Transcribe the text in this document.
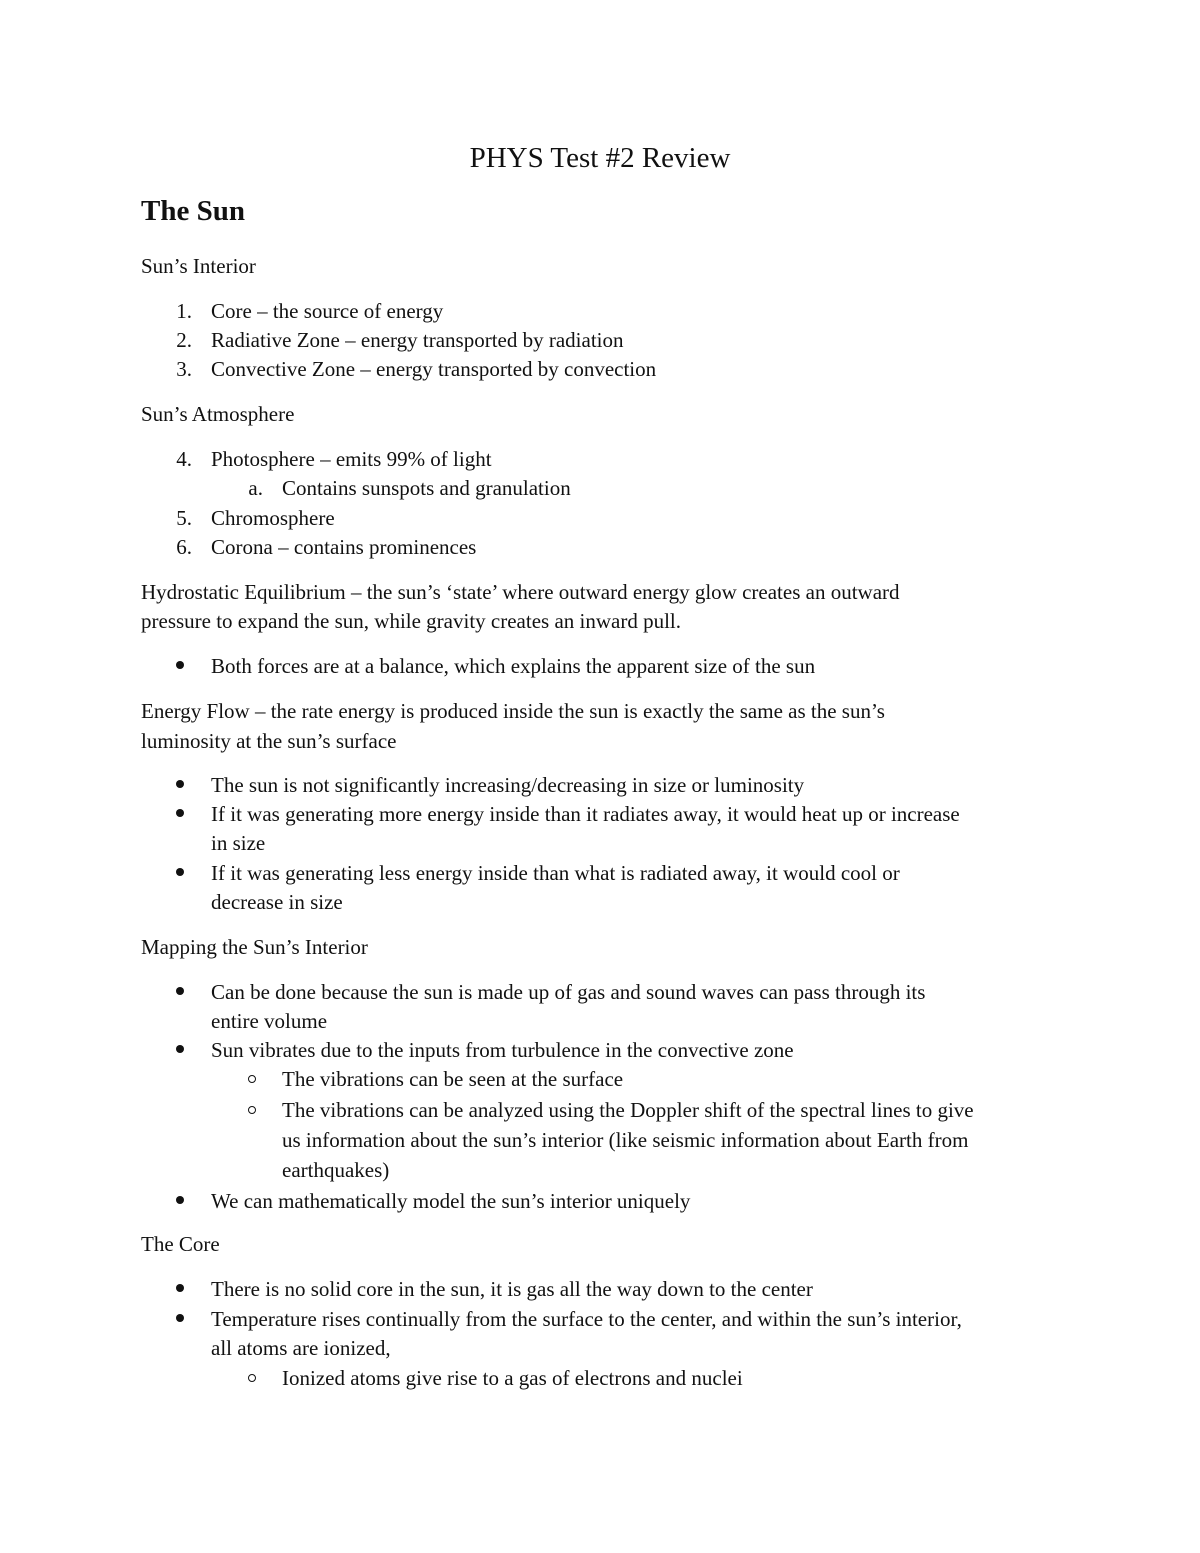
PHYS Test #2 Review
The Sun
Sun’s Interior
1. Core – the source of energy
2. Radiative Zone – energy transported by radiation
3. Convective Zone – energy transported by convection
Sun’s Atmosphere
4. Photosphere – emits 99% of light
a. Contains sunspots and granulation
5. Chromosphere
6. Corona – contains prominences
Hydrostatic Equilibrium – the sun’s ‘state’ where outward energy glow creates an outward
pressure to expand the sun, while gravity creates an inward pull.
Both forces are at a balance, which explains the apparent size of the sun
Energy Flow – the rate energy is produced inside the sun is exactly the same as the sun’s
luminosity at the sun’s surface
The sun is not significantly increasing/decreasing in size or luminosity
If it was generating more energy inside than it radiates away, it would heat up or increase
in size
If it was generating less energy inside than what is radiated away, it would cool or
decrease in size
Mapping the Sun’s Interior
Can be done because the sun is made up of gas and sound waves can pass through its
entire volume
Sun vibrates due to the inputs from turbulence in the convective zone
The vibrations can be seen at the surface
The vibrations can be analyzed using the Doppler shift of the spectral lines to give
us information about the sun’s interior (like seismic information about Earth from
earthquakes)
We can mathematically model the sun’s interior uniquely
The Core
There is no solid core in the sun, it is gas all the way down to the center
Temperature rises continually from the surface to the center, and within the sun’s interior,
all atoms are ionized,
Ionized atoms give rise to a gas of electrons and nuclei
